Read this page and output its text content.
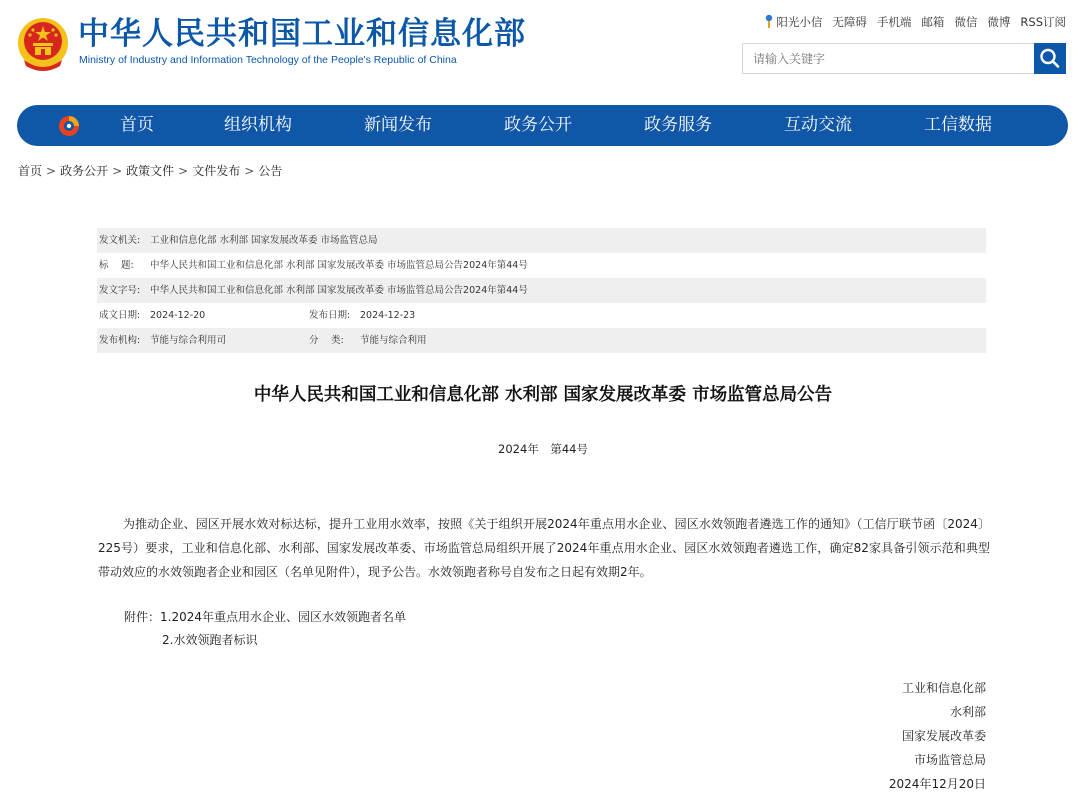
中华人民共和国工业和信息化部
Ministry of Industry and Information Technology of the People's Republic of China
阳光小信 无障碍 手机端 邮箱 微信 微博 RSS订阅
请输入关键字
首页	组织机构	新闻发布	政务公开	政务服务	互动交流	工信数据
首页 > 政务公开 > 政策文件 > 文件发布 > 公告
发文机关: 工业和信息化部 水利部 国家发展改革委 市场监管总局
标　 题: 中华人民共和国工业和信息化部 水利部 国家发展改革委 市场监管总局公告2024年第44号
发文字号: 中华人民共和国工业和信息化部 水利部 国家发展改革委 市场监管总局公告2024年第44号
成文日期: 2024-12-20	发布日期: 2024-12-23
发布机构: 节能与综合利用司	分　 类: 节能与综合利用
中华人民共和国工业和信息化部 水利部 国家发展改革委 市场监管总局公告
2024年　第44号
为推动企业、园区开展水效对标达标，提升工业用水效率，按照《关于组织开展2024年重点用水企业、园区水效领跑者遴选工作的通知》（工信厅联节函〔2024〕225号）要求，工业和信息化部、水利部、国家发展改革委、市场监管总局组织开展了2024年重点用水企业、园区水效领跑者遴选工作，确定82家具备引领示范和典型带动效应的水效领跑者企业和园区（名单见附件），现予公告。水效领跑者称号自发布之日起有效期2年。
附件：1.2024年重点用水企业、园区水效领跑者名单
2.水效领跑者标识
工业和信息化部
水利部
国家发展改革委
市场监管总局
2024年12月20日
